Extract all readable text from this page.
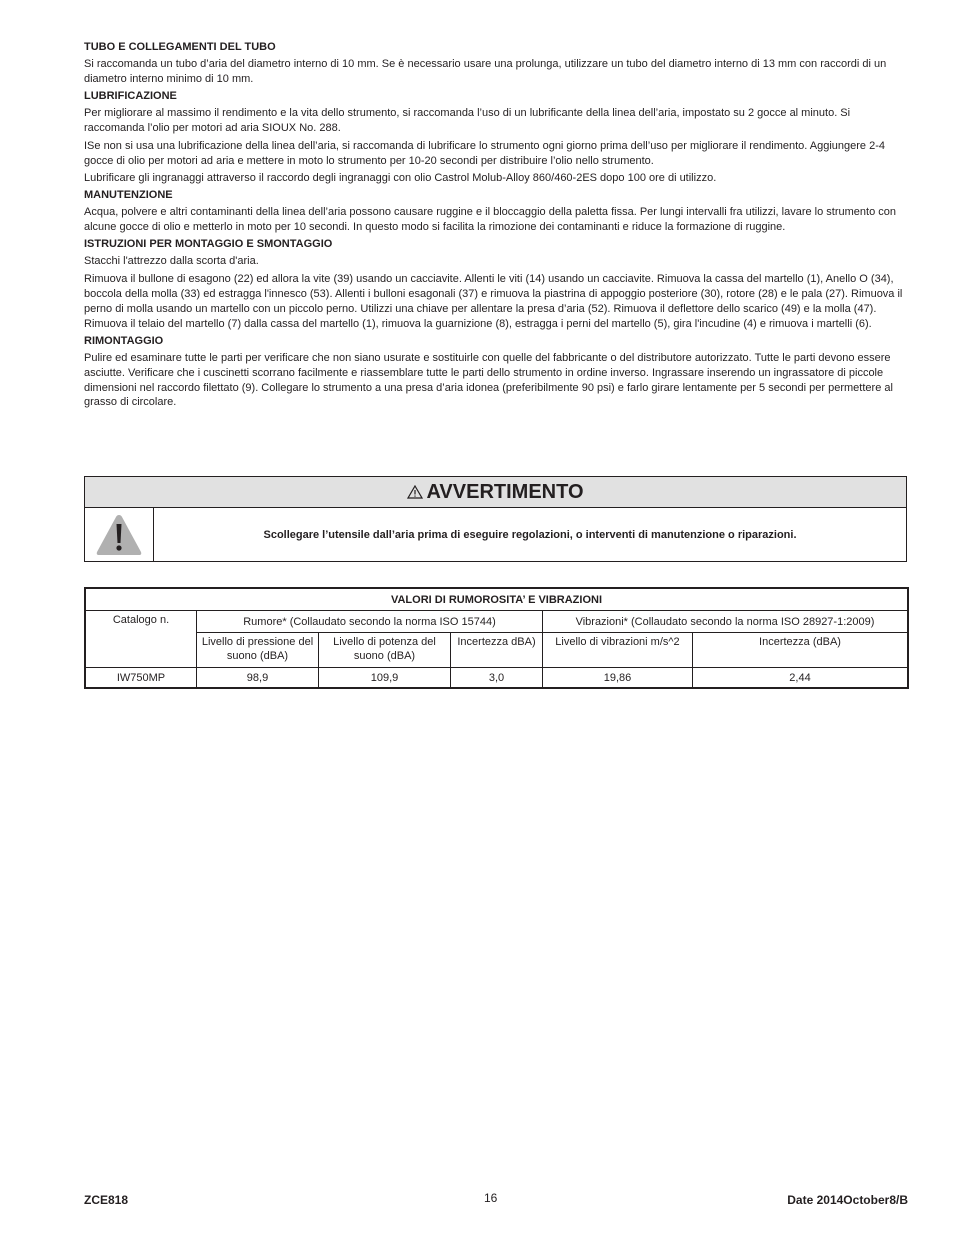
TUBO E COLLEGAMENTI DEL TUBO

Si raccomanda un tubo d’aria del diametro interno di 10 mm. Se è necessario usare una prolunga, utilizzare un tubo del diametro interno di 13 mm con raccordi di un diametro interno minimo di 10 mm.

LUBRIFICAZIONE

Per migliorare al massimo il rendimento e la vita dello strumento, si raccomanda l’uso di un lubrificante della linea dell’aria, impostato su 2 gocce al minuto. Si raccomanda l’olio per motori ad aria SIOUX No. 288.

ISe non si usa una lubrificazione della linea dell’aria, si raccomanda di lubrificare lo strumento ogni giorno prima dell’uso per migliorare il rendimento. Aggiungere 2-4 gocce di olio per motori ad aria e mettere in moto lo strumento per 10-20 secondi per distribuire l’olio nello strumento.

Lubrificare gli ingranaggi attraverso il raccordo degli ingranaggi con olio Castrol Molub-Alloy 860/460-2ES dopo 100 ore di utilizzo.

MANUTENZIONE

Acqua, polvere e altri contaminanti della linea dell’aria possono causare ruggine e il bloccaggio della paletta fissa. Per lungi intervalli fra utilizzi, lavare lo strumento con alcune gocce di olio e metterlo in moto per 10 secondi. In questo modo si facilita la rimozione dei contaminanti e riduce la formazione di ruggine.

ISTRUZIONI PER MONTAGGIO E SMONTAGGIO

Stacchi l'attrezzo dalla scorta d'aria.

Rimuova il bullone di esagono (22) ed allora la vite (39) usando un cacciavite. Allenti le viti (14) usando un cacciavite. Rimuova la cassa del martello (1), Anello O (34), boccola della molla (33) ed estragga l'innesco (53). Allenti i bulloni esagonali (37) e rimuova la piastrina di appoggio posteriore (30), rotore (28) e le pala (27). Rimuova il perno di molla usando un martello con un piccolo perno. Utilizzi una chiave per allentare la presa d’aria (52). Rimuova il deflettore dello scarico (49) e la molla (47). Rimuova il telaio del martello (7) dalla cassa del martello (1), rimuova la guarnizione (8), estragga i perni del martello (5), gira l'incudine (4) e rimuova i martelli (6).

RIMONTAGGIO

Pulire ed esaminare tutte le parti per verificare che non siano usurate e sostituirle con quelle del fabbricante o del distributore autorizzato. Tutte le parti devono essere asciutte. Verificare che i cuscinetti scorrano facilmente e riassemblare tutte le parti dello strumento in ordine inverso. Ingrassare inserendo un ingrassatore di piccole dimensioni nel raccordo filettato (9). Collegare lo strumento a una presa d’aria idonea (preferibilmente 90 psi) e farlo girare lentamente per 5 secondi per permettere al grasso di circolare.

AVVERTIMENTO
Scollegare l’utensile dall’aria prima di eseguire regolazioni, o interventi di manutenzione o riparazioni.
VALORI DI RUMOROSITA’ E VIBRAZIONI					
Catalogo n.	Rumore* (Collaudato secondo la norma ISO 15744)			Vibrazioni* (Collaudato secondo la norma ISO 28927-1:2009)	
	Livello di pressione del suono (dBA)	Livello di potenza del suono (dBA)	Incertezza dBA)	Livello di vibrazioni m/s^2	Incertezza (dBA)
IW750MP	98,9	109,9	3,0	19,86	2,44
ZCE818	16	Date 2014October8/B
